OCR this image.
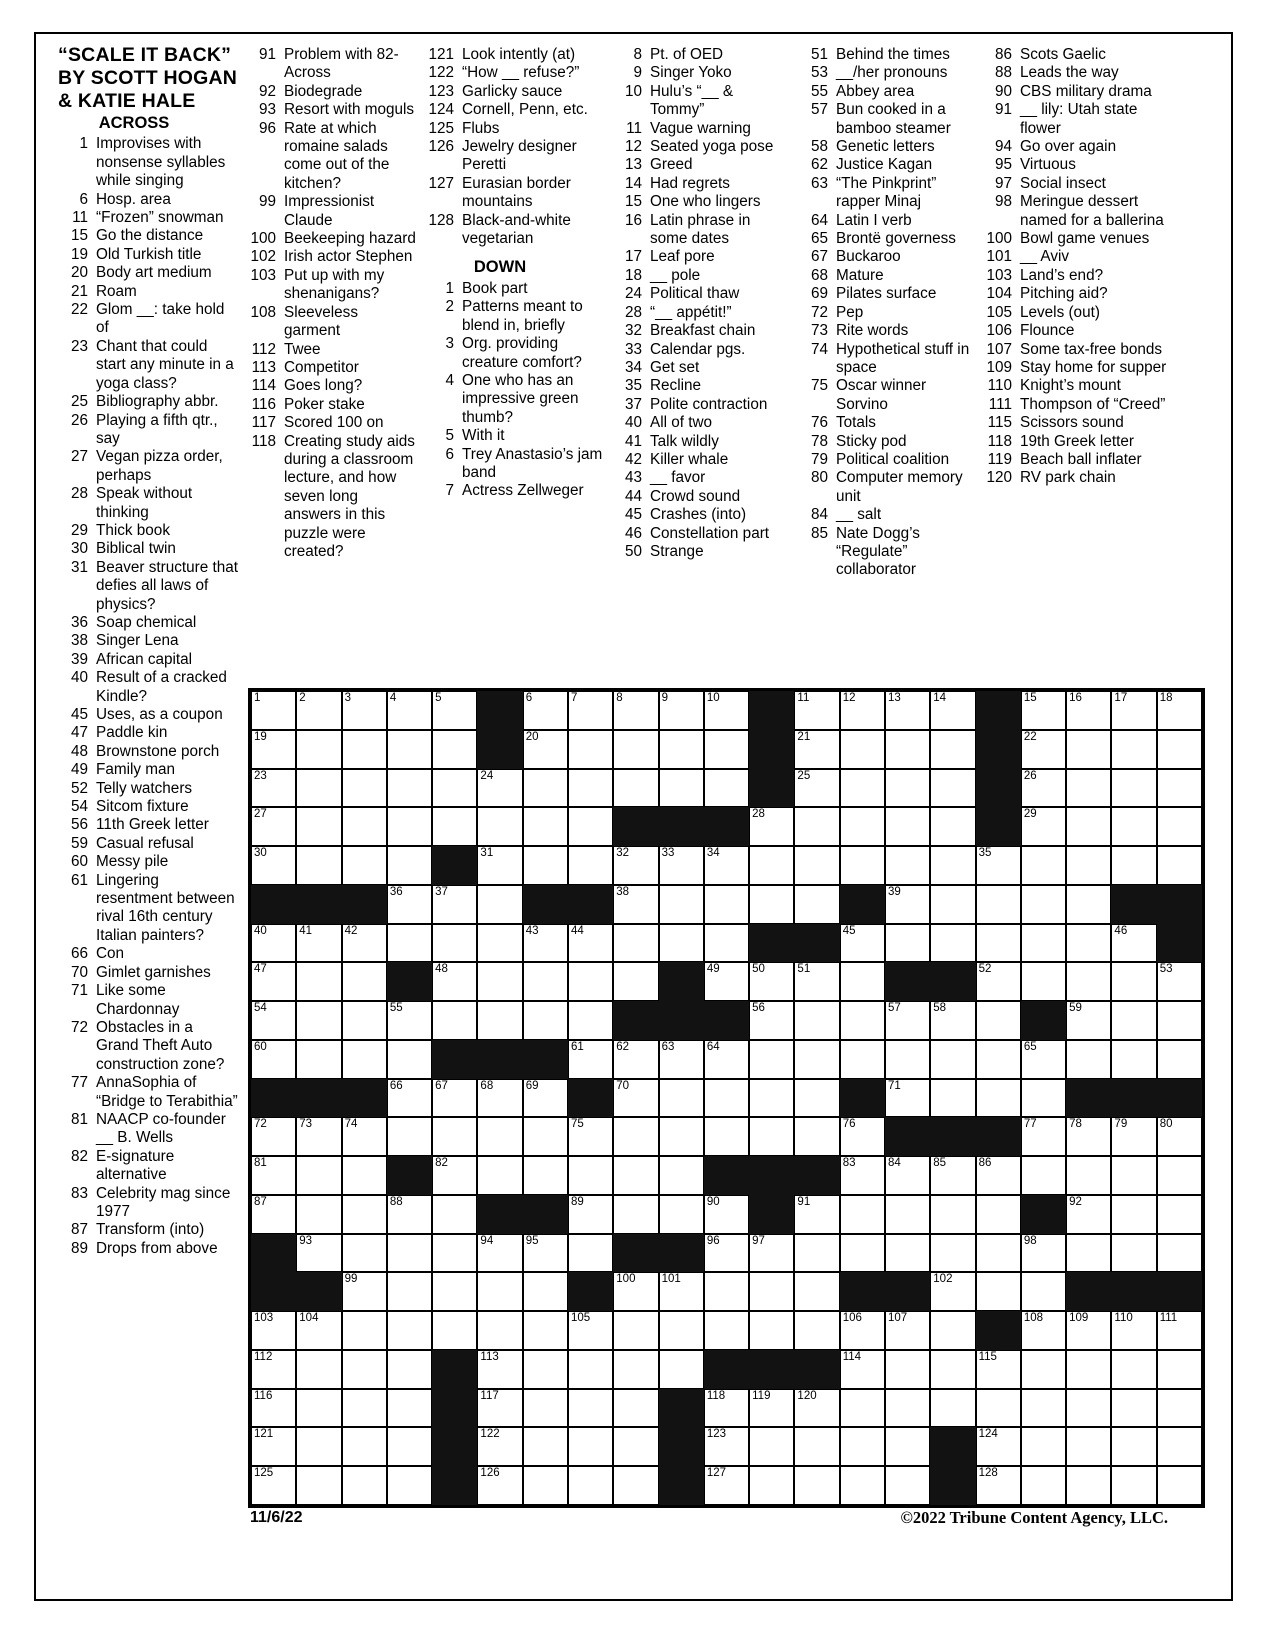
“SCALE IT BACK”
BY SCOTT HOGAN
& KATIE HALE
ACROSS
1 Improvises with nonsense syllables while singing
6 Hosp. area
11 “Frozen” snowman
15 Go the distance
19 Old Turkish title
20 Body art medium
21 Roam
22 Glom __: take hold of
23 Chant that could start any minute in a yoga class?
25 Bibliography abbr.
26 Playing a fifth qtr., say
27 Vegan pizza order, perhaps
28 Speak without thinking
29 Thick book
30 Biblical twin
31 Beaver structure that defies all laws of physics?
36 Soap chemical
38 Singer Lena
39 African capital
40 Result of a cracked Kindle?
45 Uses, as a coupon
47 Paddle kin
48 Brownstone porch
49 Family man
52 Telly watchers
54 Sitcom fixture
56 11th Greek letter
59 Casual refusal
60 Messy pile
61 Lingering resentment between rival 16th century Italian painters?
66 Con
70 Gimlet garnishes
71 Like some Chardonnay
72 Obstacles in a Grand Theft Auto construction zone?
77 AnnaSophia of “Bridge to Terabithia”
81 NAACP co-founder __ B. Wells
82 E-signature alternative
83 Celebrity mag since 1977
87 Transform (into)
89 Drops from above
91 Problem with 82-Across
92 Biodegrade
93 Resort with moguls
96 Rate at which romaine salads come out of the kitchen?
99 Impressionist Claude
100 Beekeeping hazard
102 Irish actor Stephen
103 Put up with my shenanigans?
108 Sleeveless garment
112 Twee
113 Competitor
114 Goes long?
116 Poker stake
117 Scored 100 on
118 Creating study aids during a classroom lecture, and how seven long answers in this puzzle were created?
121 Look intently (at)
122 “How __ refuse?”
123 Garlicky sauce
124 Cornell, Penn, etc.
125 Flubs
126 Jewelry designer Peretti
127 Eurasian border mountains
128 Black-and-white vegetarian
DOWN
1 Book part
2 Patterns meant to blend in, briefly
3 Org. providing creature comfort?
4 One who has an impressive green thumb?
5 With it
6 Trey Anastasio’s jam band
7 Actress Zellweger
8 Pt. of OED
9 Singer Yoko
10 Hulu’s “__ & Tommy”
11 Vague warning
12 Seated yoga pose
13 Greed
14 Had regrets
15 One who lingers
16 Latin phrase in some dates
17 Leaf pore
18 __ pole
24 Political thaw
28 “__ appétit!”
32 Breakfast chain
33 Calendar pgs.
34 Get set
35 Recline
37 Polite contraction
40 All of two
41 Talk wildly
42 Killer whale
43 __ favor
44 Crowd sound
45 Crashes (into)
46 Constellation part
50 Strange
51 Behind the times
53 __/her pronouns
55 Abbey area
57 Bun cooked in a bamboo steamer
58 Genetic letters
62 Justice Kagan
63 “The Pinkprint” rapper Minaj
64 Latin I verb
65 Brontë governess
67 Buckaroo
68 Mature
69 Pilates surface
72 Pep
73 Rite words
74 Hypothetical stuff in space
75 Oscar winner Sorvino
76 Totals
78 Sticky pod
79 Political coalition
80 Computer memory unit
84 __ salt
85 Nate Dogg’s “Regulate” collaborator
86 Scots Gaelic
88 Leads the way
90 CBS military drama
91 __ lily: Utah state flower
94 Go over again
95 Virtuous
97 Social insect
98 Meringue dessert named for a ballerina
100 Bowl game venues
101 __ Aviv
103 Land’s end?
104 Pitching aid?
105 Levels (out)
106 Flounce
107 Some tax-free bonds
109 Stay home for supper
110 Knight’s mount
111 Thompson of “Creed”
115 Scissors sound
118 19th Greek letter
119 Beach ball inflater
120 RV park chain
1	2	3	4	5	6	7	8	9	10	11	12	13	14	15	16	17	18
19	20	21	22
23	24	25	26
27	28	29
30	31	32	33	34	35
36	37	38	39
40	41	42	43	44	45	46
47	48	49	50	51	52	53
54	55	56	57	58	59
60	61	62	63	64	65
66	67	68	69	70	71
72	73	74	75	76	77	78	79	80
81	82	83	84	85	86
87	88	89	90	91	92
93	94	95	96	97	98
99	100 101	102
103 104	105	106 107	108 109 110 111
112	113	114	115
116	117	118 119 120
121	122	123	124
125	126	127	128
11/6/22	©2022 Tribune Content Agency, LLC.
